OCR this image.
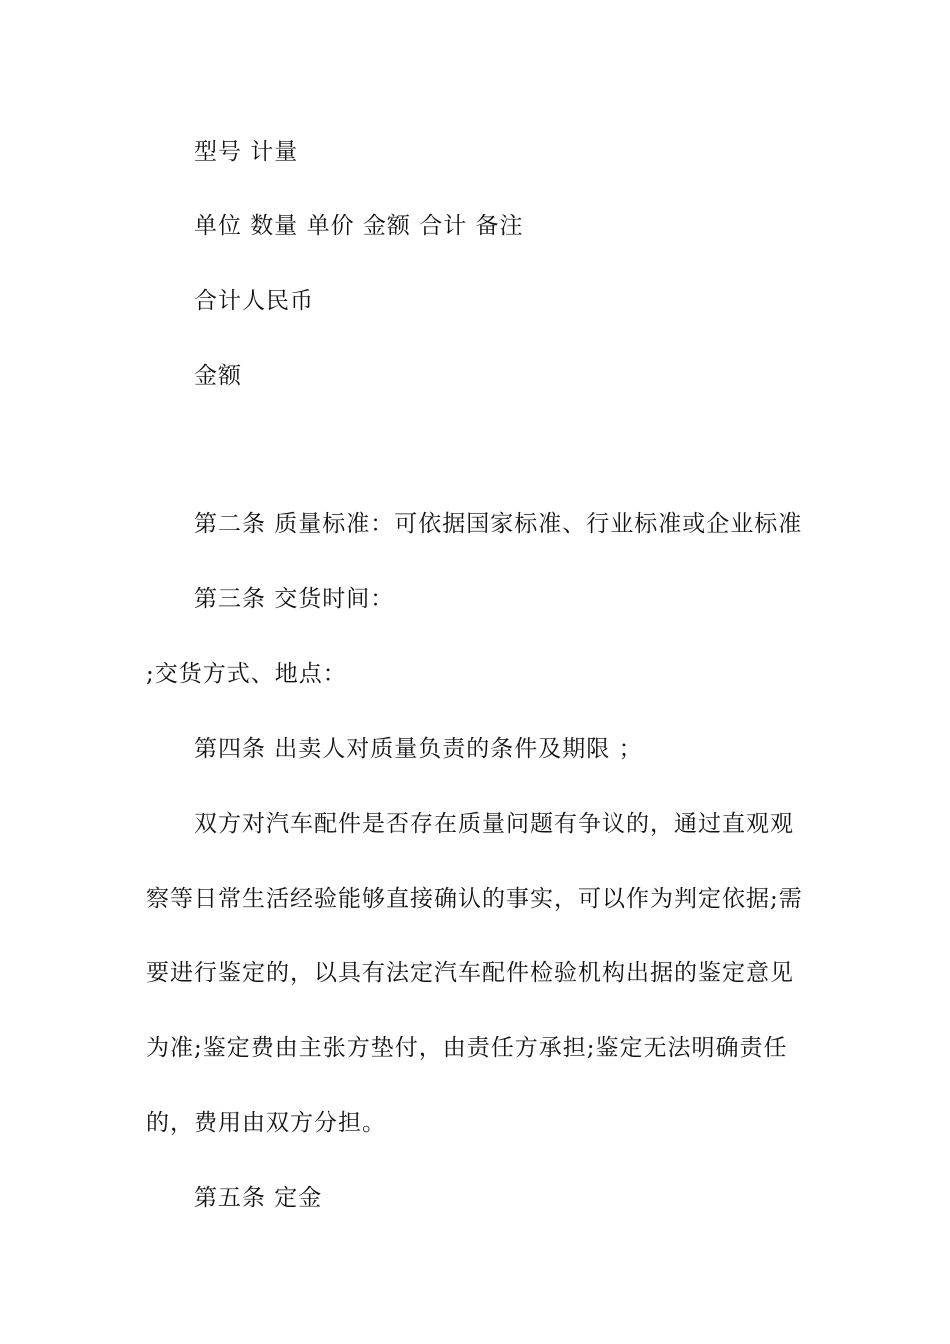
型号 计量
单位 数量 单价 金额 合计 备注
合计人民币
金额
第二条 质量标准：可依据国家标准、行业标准或企业标准
第三条 交货时间：
;交货方式、地点：
第四条 出卖人对质量负责的条件及期限 ；
双方对汽车配件是否存在质量问题有争议的，通过直观观
察等日常生活经验能够直接确认的事实，可以作为判定依据;需
要进行鉴定的，以具有法定汽车配件检验机构出据的鉴定意见
为准;鉴定费由主张方垫付，由责任方承担;鉴定无法明确责任
的，费用由双方分担。
第五条 定金
